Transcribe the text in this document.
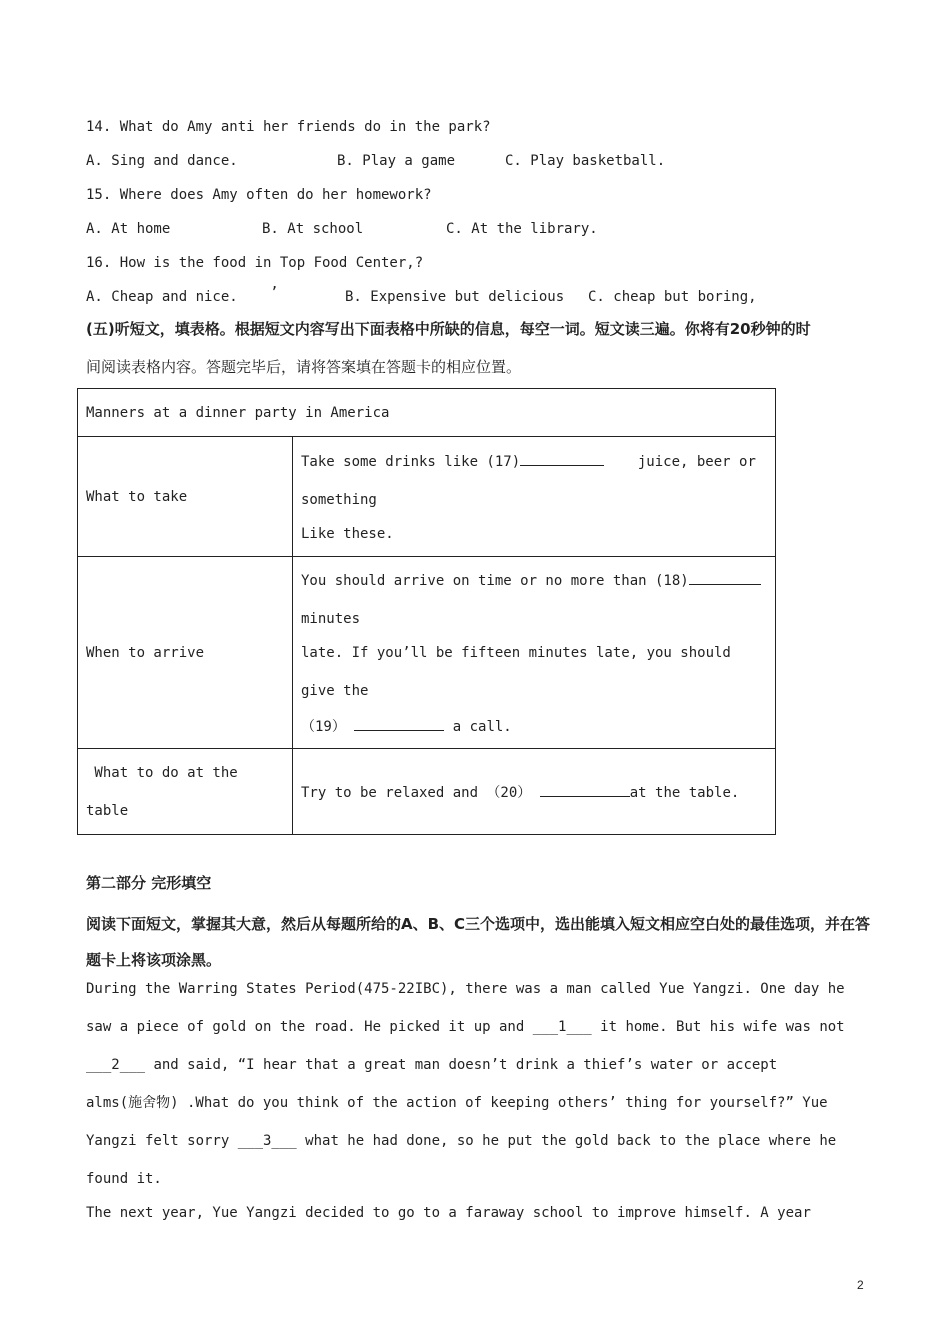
14. What do Amy anti her friends do in the park?
A. Sing and dance.	B. Play a game	C. Play basketball.
15. Where does Amy often do her homework?
A. At home	B. At school	C. At the library.
16. How is the food in Top Food Center,?
A. Cheap and nice. ’	B. Expensive but delicious C. cheap but boring,
(五)听短文，填表格。根据短文内容写出下面表格中所缺的信息，每空一词。短文读三遍。你将有20秒钟的时
间阅读表格内容。答题完毕后，请将答案填在答题卡的相应位置。
Manners at a dinner party in America	
What to take	Take some drinks like (17) juice, beer or
something
Like these.

When to arrive	You should arrive on time or no more than (18)
minutes
late. If you’ll be fifteen minutes late, you should
give the
（19） a call.

What to do at the
table	Try to be relaxed and （20） at the table.
第二部分 完形填空
阅读下面短文，掌握其大意，然后从每题所给的A、B、C三个选项中，选出能填入短文相应空白处的最佳选项，并在答题卡上将该项涂黑。
During the Warring States Period(475-22IBC), there was a man called Yue Yangzi. One day he
saw a piece of gold on the road. He picked it up and ___1___ it home. But his wife was not
___2___ and said, “I hear that a great man doesn’t drink a thief’s water or accept
alms(施舍物) .What do you think of the action of keeping others’ thing for yourself?” Yue
Yangzi felt sorry ___3___ what he had done, so he put the gold back to the place where he
found it.
The next year, Yue Yangzi decided to go to a faraway school to improve himself. A year
2
